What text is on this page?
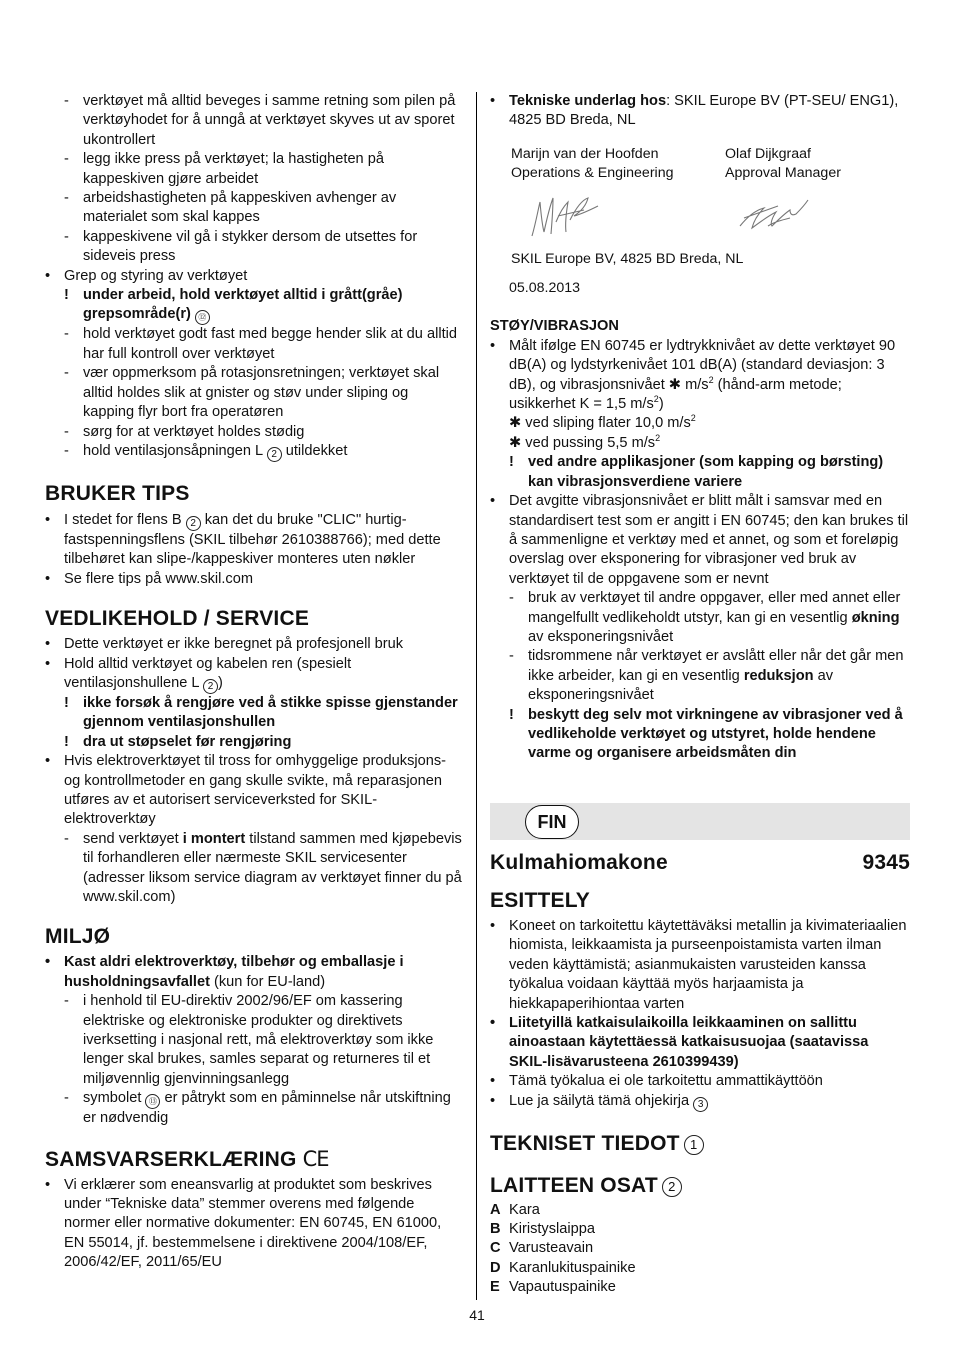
- verktøyet må alltid beveges i samme retning som pilen på verktøyhodet for å unngå at verktøyet skyves ut av sporet ukontrollert
- legg ikke press på verktøyet; la hastigheten på kappeskiven gjøre arbeidet
- arbeidshastigheten på kappeskiven avhenger av materialet som skal kappes
- kappeskivene vil gå i stykker dersom de utsettes for sideveis press
• Grep og styring av verktøyet
! under arbeid, hold verktøyet alltid i grått(gråe) grepsområde(r) ⑫
- hold verktøyet godt fast med begge hender slik at du alltid har full kontroll over verktøyet
- vær oppmerksom på rotasjonsretningen; verktøyet skal alltid holdes slik at gnister og støv under sliping og kapping flyr bort fra operatøren
- sørg for at verktøyet holdes stødig
- hold ventilasjonsåpningen L 2 utildekket
BRUKER TIPS
• I stedet for flens B 2 kan det du bruke "CLIC" hurtig-fastspenningsflens (SKIL tilbehør 2610388766); med dette tilbehøret kan slipe-/kappeskiver monteres uten nøkler
• Se flere tips på www.skil.com
VEDLIKEHOLD / SERVICE
• Dette verktøyet er ikke beregnet på profesjonell bruk
• Hold alltid verktøyet og kabelen ren (spesielt ventilasjonshullene L 2 )
! ikke forsøk å rengjøre ved å stikke spisse gjenstander gjennom ventilasjonshullen
! dra ut støpselet før rengjøring
• Hvis elektroverktøyet til tross for omhyggelige produksjons- og kontrollmetoder en gang skulle svikte, må reparasjonen utføres av et autorisert serviceverksted for SKIL-elektroverktøy
- send verktøyet i montert tilstand sammen med kjøpebevis til forhandleren eller nærmeste SKIL servicesenter (adresser liksom service diagram av verktøyet finner du på www.skil.com)
MILJØ
• Kast aldri elektroverktøy, tilbehør og emballasje i husholdningsavfallet (kun for EU-land)
- i henhold til EU-direktiv 2002/96/EF om kassering elektriske og elektroniske produkter og direktivets iverksetting i nasjonal rett, må elektroverktøy som ikke lenger skal brukes, samles separat og returneres til et miljøvennlig gjenvinningsanlegg
- symbolet ⑬ er påtrykt som en påminnelse når utskiftning er nødvendig
SAMSVARSERKLÆRING CE
• Vi erklærer som eneansvarlig at produktet som beskrives under “Tekniske data” stemmer overens med følgende normer eller normative dokumenter: EN 60745, EN 61000, EN 55014, jf. bestemmelsene i direktivene 2004/108/EF, 2006/42/EF, 2011/65/EU
• Tekniske underlag hos: SKIL Europe BV (PT-SEU/ ENG1), 4825 BD Breda, NL
Marijn van der Hoofden
Operations & Engineering
Olaf Dijkgraaf
Approval Manager
SKIL Europe BV, 4825 BD Breda, NL
05.08.2013
STØY/VIBRASJON
• Målt ifølge EN 60745 er lydtrykknivået av dette verktøyet 90 dB(A) og lydstyrkenivået 101 dB(A) (standard deviasjon: 3 dB), og vibrasjonsnivået ✱ $m/s^2$ (hånd-arm metode; usikkerhet K = 1,5 $m/s^2$)
✱ ved sliping flater 10,0 $m/s^2$
✱ ved pussing 5,5 $m/s^2$
! ved andre applikasjoner (som kapping og børsting) kan vibrasjonsverdiene variere
• Det avgitte vibrasjonsnivået er blitt målt i samsvar med en standardisert test som er angitt i EN 60745; den kan brukes til å sammenligne et verktøy med et annet, og som et foreløpig overslag over eksponering for vibrasjoner ved bruk av verktøyet til de oppgavene som er nevnt
- bruk av verktøyet til andre oppgaver, eller med annet eller mangelfullt vedlikeholdt utstyr, kan gi en vesentlig økning av eksponeringsnivået
- tidsrommene når verktøyet er avslått eller når det går men ikke arbeider, kan gi en vesentlig reduksjon av eksponeringsnivået
! beskytt deg selv mot virkningene av vibrasjoner ved å vedlikeholde verktøyet og utstyret, holde hendene varme og organisere arbeidsmåten din
FIN
Kulmahiomakone	9345
ESITTELY
• Koneet on tarkoitettu käytettäväksi metallin ja kivimateriaalien hiomista, leikkaamista ja purseenpoistamista varten ilman veden käyttämistä; asianmukaisten varusteiden kanssa työkalua voidaan käyttää myös harjaamista ja hiekkapaperihiontaa varten
• Liitetyillä katkaisulaikoilla leikkaaminen on sallittu ainoastaan käytettäessä katkaisusuojaa (saatavissa SKIL-lisävarusteena 2610399439)
• Tämä työkalua ei ole tarkoitettu ammattikäyttöön
• Lue ja säilytä tämä ohjekirja 3
TEKNISET TIEDOT 1
LAITTEEN OSAT 2
A Kara
B Kiristyslaippa
C Varusteavain
D Karanlukituspainike
E Vapautuspainike
41
